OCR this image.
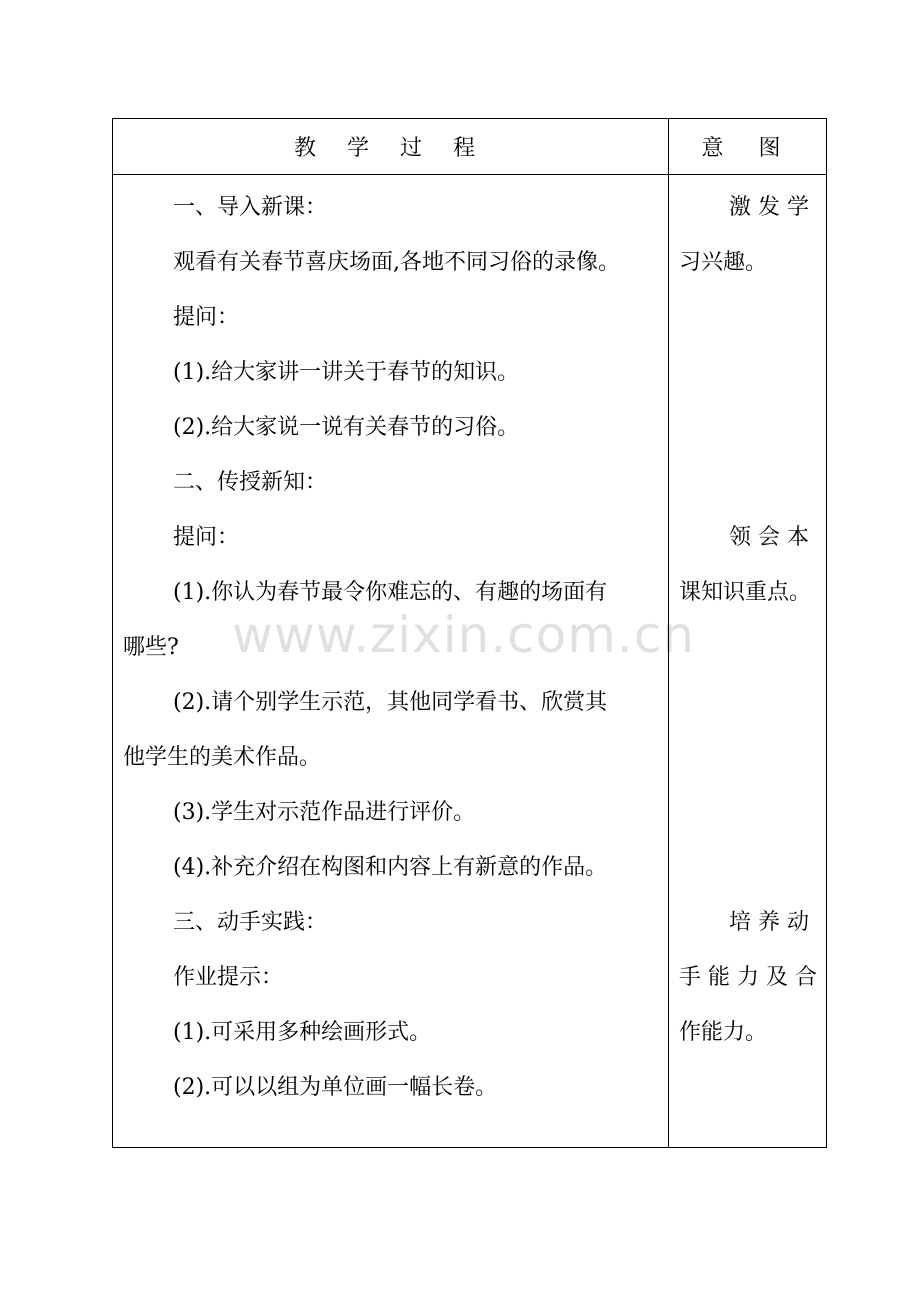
教 学 过 程	意 图
一、导入新课：
观看有关春节喜庆场面,各地不同习俗的录像。
提问：
(1).给大家讲一讲关于春节的知识。
(2).给大家说一说有关春节的习俗。
二、传授新知：
提问：
(1).你认为春节最令你难忘的、有趣的场面有
哪些?
(2).请个别学生示范，其他同学看书、欣赏其
他学生的美术作品。
(3).学生对示范作品进行评价。
(4).补充介绍在构图和内容上有新意的作品。
三、动手实践：
作业提示：
(1).可采用多种绘画形式。
(2).可以以组为单位画一幅长卷。
激 发 学
习兴趣。
领 会 本
课知识重点。
培 养 动
手 能 力 及 合
作能力。
www.zixin.com.cn
